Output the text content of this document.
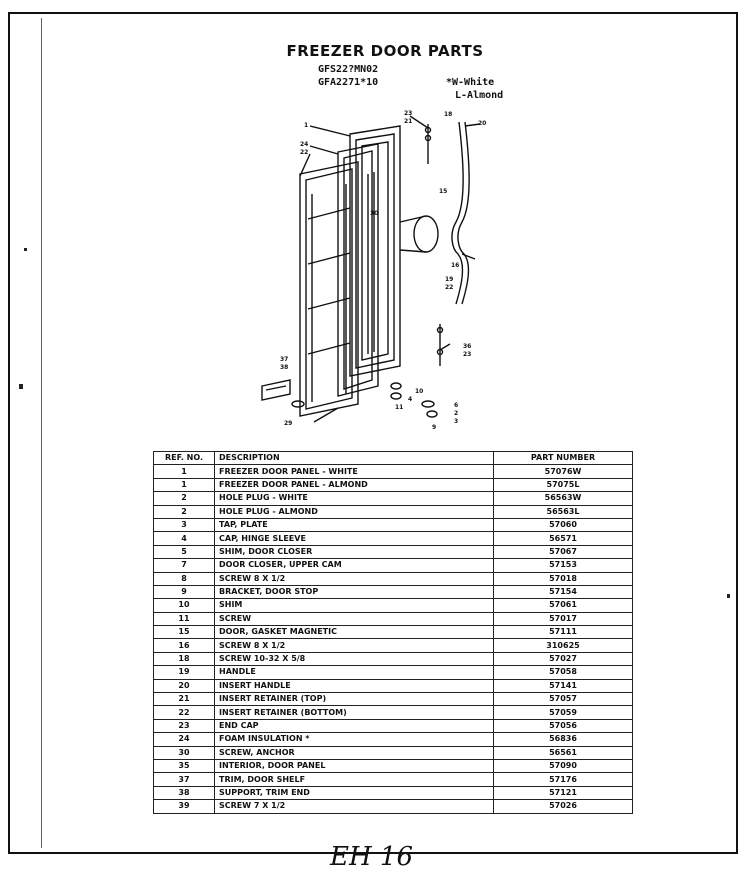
FREEZER DOOR PARTS
GFS22?MN02
GFA2271*10	*W-White
L-Almond
1
24
22
23
21
18
20
30
15
16
19
22
36
23
37
38
10
4
11	6
2
3
29
9
REF. NO.	DESCRIPTION	PART NUMBER
1	FREEZER DOOR PANEL - WHITE	57076W
1	FREEZER DOOR PANEL - ALMOND	57075L
2	HOLE PLUG - WHITE	56563W
2	HOLE PLUG - ALMOND	56563L
3	TAP, PLATE	57060
4	CAP, HINGE SLEEVE	56571
5	SHIM, DOOR CLOSER	57067
7	DOOR CLOSER, UPPER CAM	57153
8	SCREW 8 X 1/2	57018
9	BRACKET, DOOR STOP	57154
10	SHIM	57061
11	SCREW	57017
15	DOOR, GASKET MAGNETIC	57111
16	SCREW 8 X 1/2	310625
18	SCREW 10-32 X 5/8	57027
19	HANDLE	57058
20	INSERT HANDLE	57141
21	INSERT RETAINER (TOP)	57057
22	INSERT RETAINER (BOTTOM)	57059
23	END CAP	57056
24	FOAM INSULATION *	56836
30	SCREW, ANCHOR	56561
35	INTERIOR, DOOR PANEL	57090
37	TRIM, DOOR SHELF	57176
38	SUPPORT, TRIM END	57121
39	SCREW 7 X 1/2	57026
EH 16
